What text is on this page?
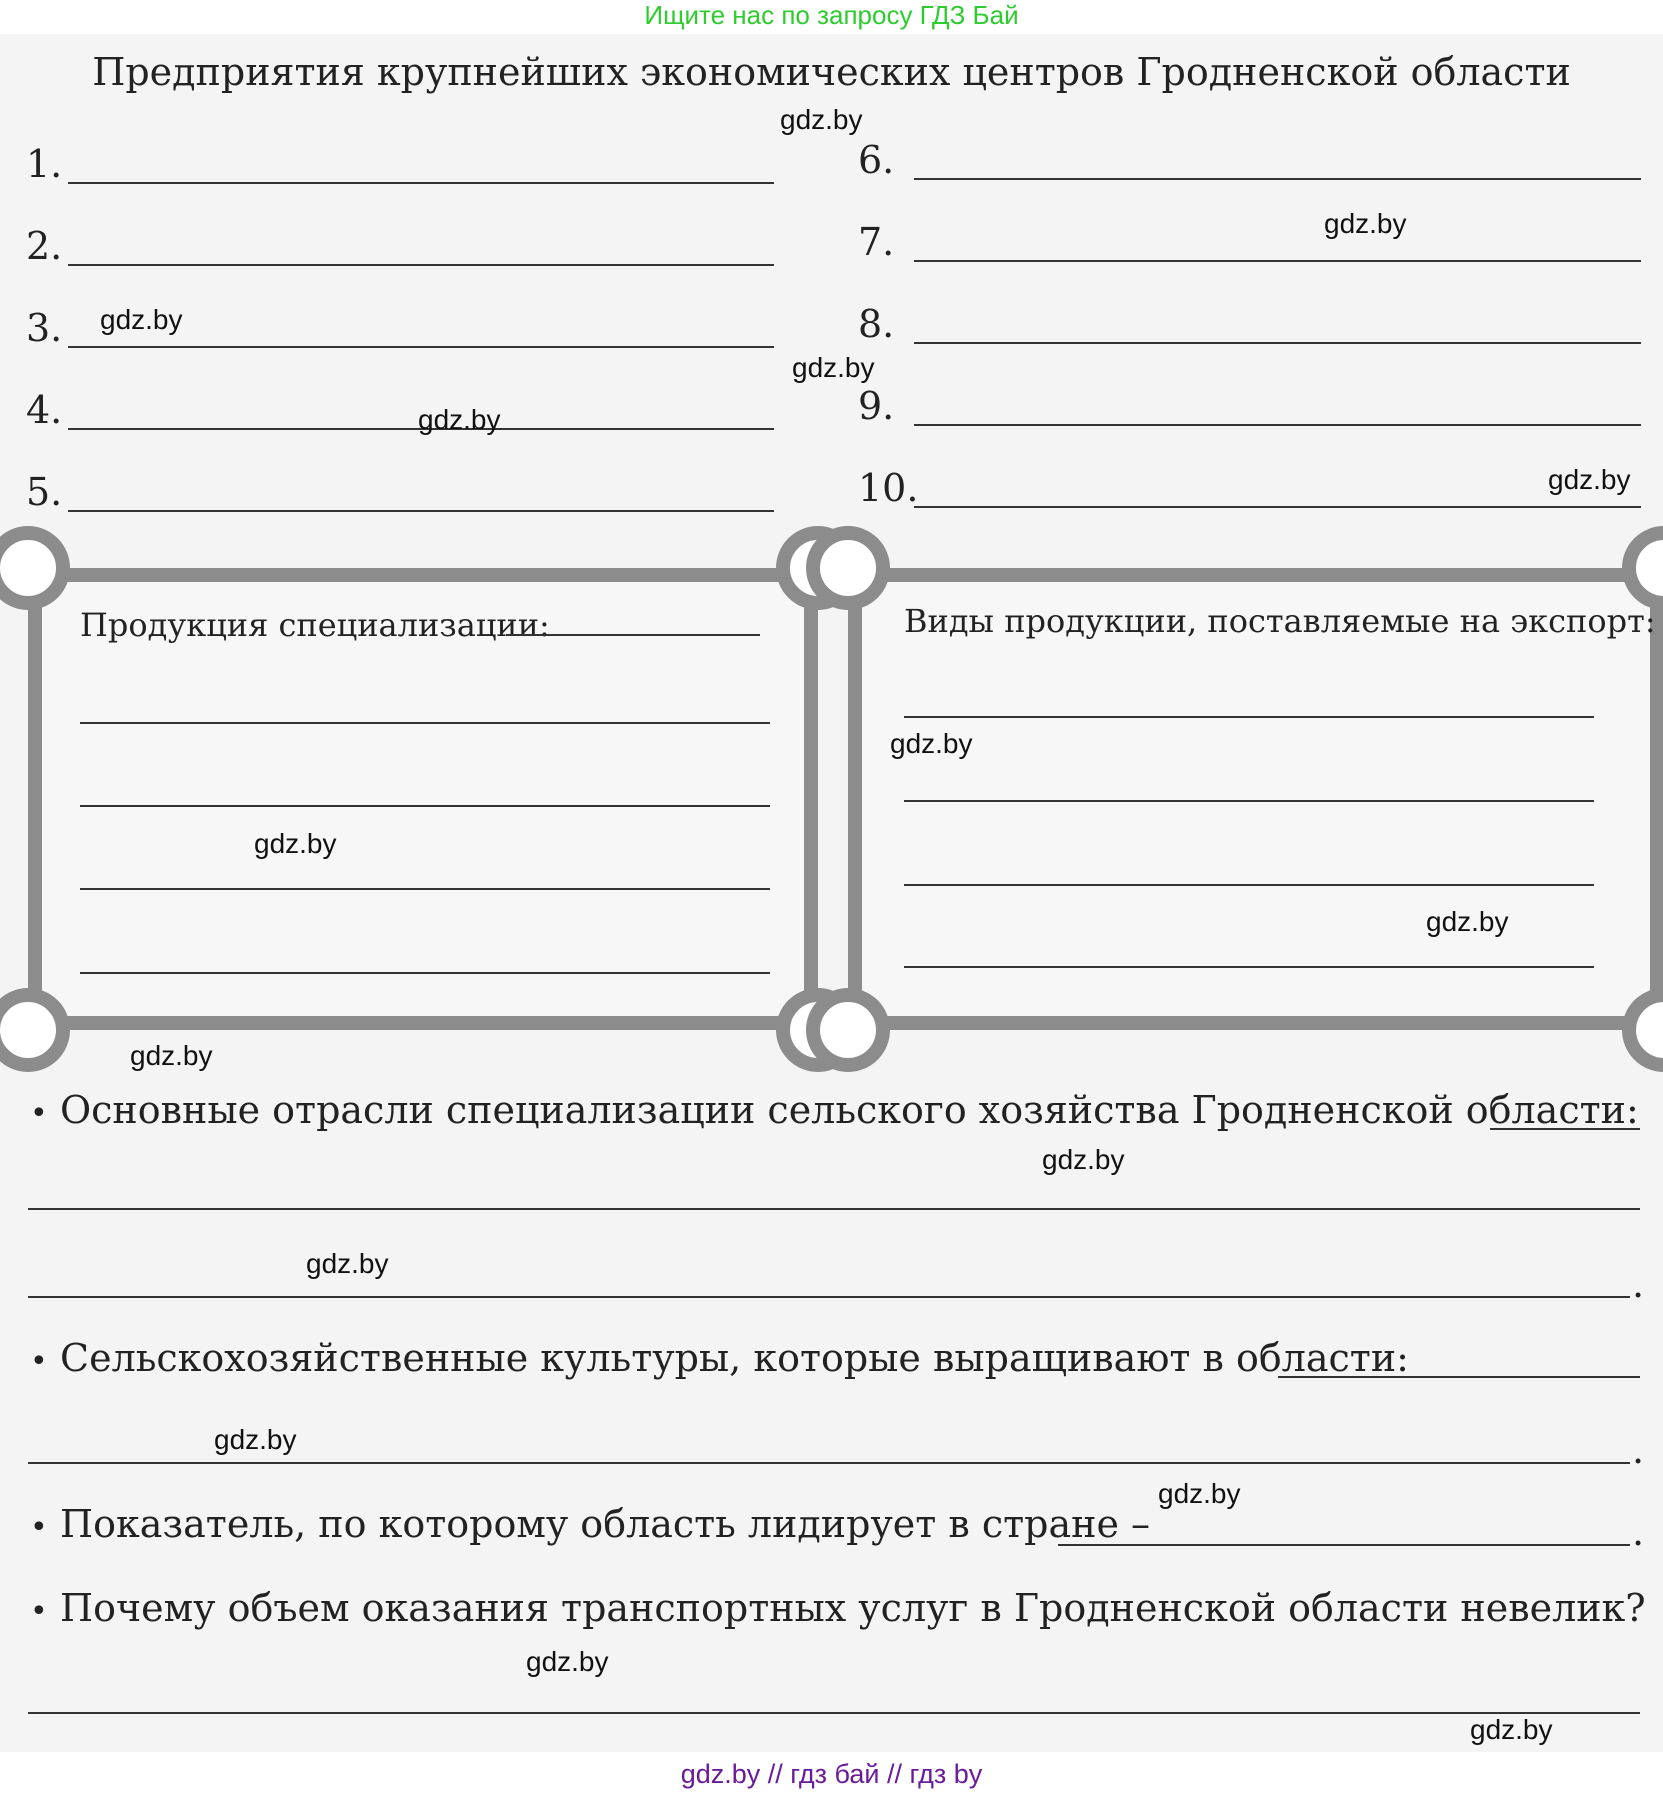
Ищите нас по запросу ГДЗ Бай
Предприятия крупнейших экономических центров Гродненской области
1.
2.
3.
4.
5.
6.
7.
8.
9.
10.
Продукция специализации:	Виды продукции, поставляемые на экспорт:
• Основные отрасли специализации сельского хозяйства Гродненской области:
.
• Сельскохозяйственные культуры, которые выращивают в области:
.
• Показатель, по которому область лидирует в стране –	.
• Почему объем оказания транспортных услуг в Гродненской области невелик?
gdz.by
gdz.by
gdz.by
gdz.by
gdz.by
gdz.by
gdz.by
gdz.by
gdz.by
gdz.by
gdz.by
gdz.by
gdz.by
gdz.by
gdz.by
gdz.by
gdz.by // гдз бай // гдз by
